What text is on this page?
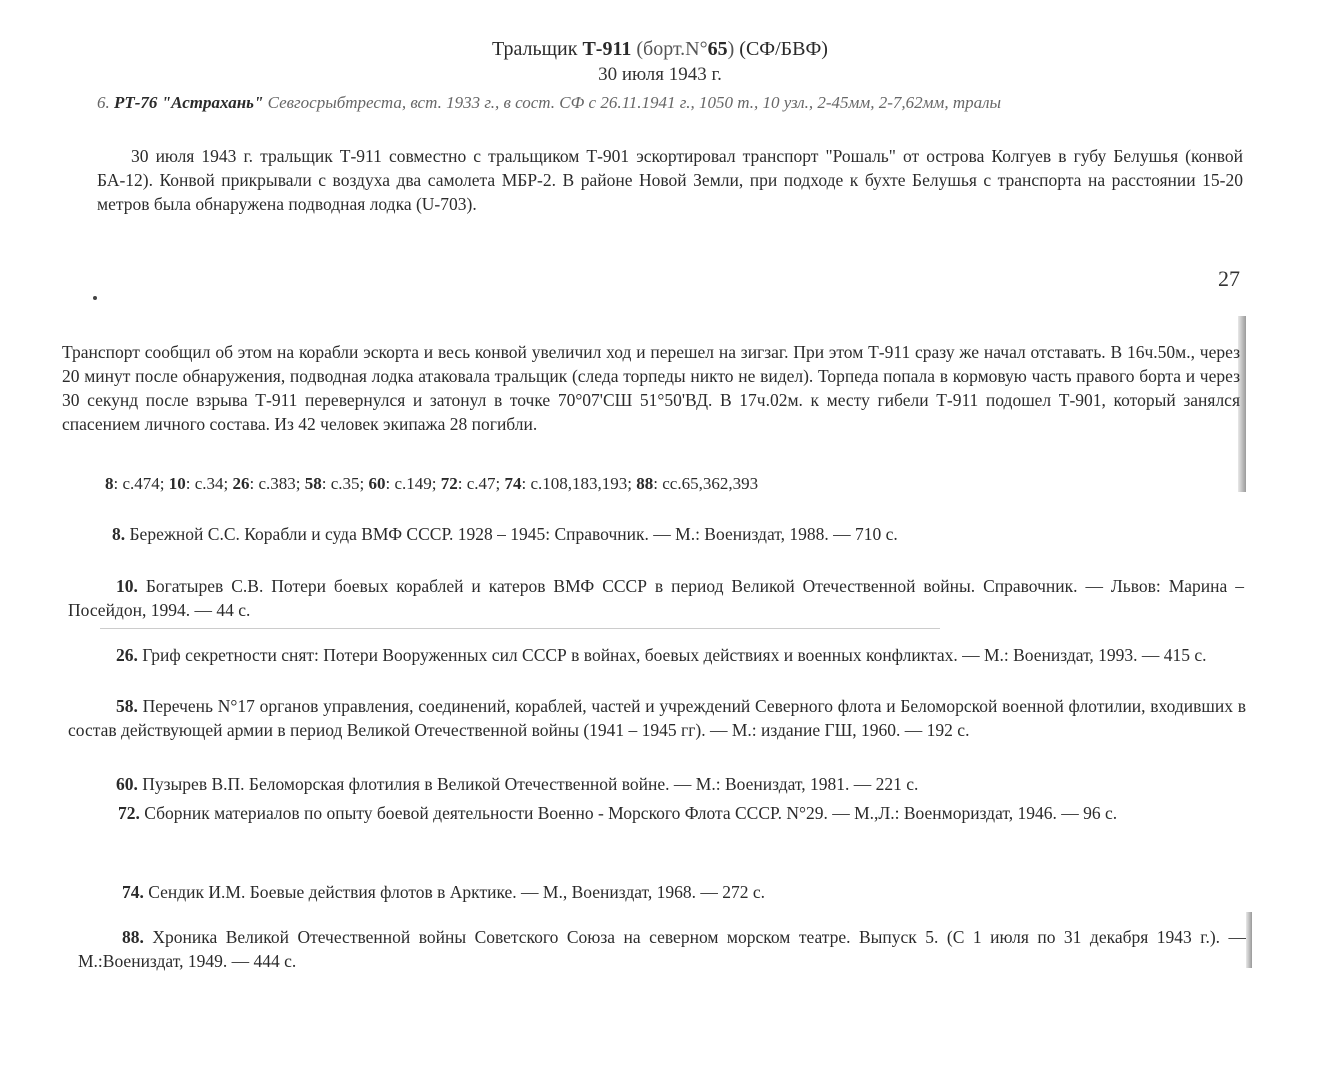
Тральщик Т-911 (борт.N°65) (СФ/БВФ)
30 июля 1943 г.
6. РТ-76 "Астрахань" Севгосрыбтреста, вст. 1933 г., в сост. СФ с 26.11.1941 г., 1050 т., 10 узл., 2-45мм, 2-7,62мм, тралы
30 июля 1943 г. тральщик Т-911 совместно с тральщиком Т-901 эскортировал транспорт "Рошаль" от острова Колгуев в губу Белушья (конвой БА-12). Конвой прикрывали с воздуха два самолета МБР-2. В районе Новой Земли, при подходе к бухте Белушья с транспорта на расстоянии 15-20 метров была обнаружена подводная лодка (U-703).
27
Транспорт сообщил об этом на корабли эскорта и весь конвой увеличил ход и перешел на зигзаг. При этом Т-911 сразу же начал отставать. В 16ч.50м., через 20 минут после обнаружения, подводная лодка атаковала тральщик (следа торпеды никто не видел). Торпеда попала в кормовую часть правого борта и через 30 секунд после взрыва Т-911 перевернулся и затонул в точке 70°07'СШ 51°50'ВД. В 17ч.02м. к месту гибели Т-911 подошел Т-901, который занялся спасением личного состава. Из 42 человек экипажа 28 погибли.
8: с.474; 10: с.34; 26: с.383; 58: с.35; 60: с.149; 72: с.47; 74: с.108,183,193; 88: сс.65,362,393
8. Бережной С.С. Корабли и суда ВМФ СССР. 1928 – 1945: Справочник. — М.: Воениздат, 1988. — 710 с.
10. Богатырев С.В. Потери боевых кораблей и катеров ВМФ СССР в период Великой Отечественной войны. Справочник. — Львов: Марина – Посейдон, 1994. — 44 с.
26. Гриф секретности снят: Потери Вооруженных сил СССР в войнах, боевых действиях и военных конфликтах. — М.: Воениздат, 1993. — 415 с.
58. Перечень N°17 органов управления, соединений, кораблей, частей и учреждений Северного флота и Беломорской военной флотилии, входивших в состав действующей армии в период Великой Отечественной войны (1941 – 1945 гг). — М.: издание ГШ, 1960. — 192 с.
60. Пузырев В.П. Беломорская флотилия в Великой Отечественной войне. — М.: Воениздат, 1981. — 221 с.
72. Сборник материалов по опыту боевой деятельности Военно - Морского Флота СССР. N°29. — М.,Л.: Военмориздат, 1946. — 96 с.
74. Сендик И.М. Боевые действия флотов в Арктике. — М., Воениздат, 1968. — 272 с.
88. Хроника Великой Отечественной войны Советского Союза на северном морском театре. Выпуск 5. (С 1 июля по 31 декабря 1943 г.). — М.:Воениздат, 1949. — 444 с.
